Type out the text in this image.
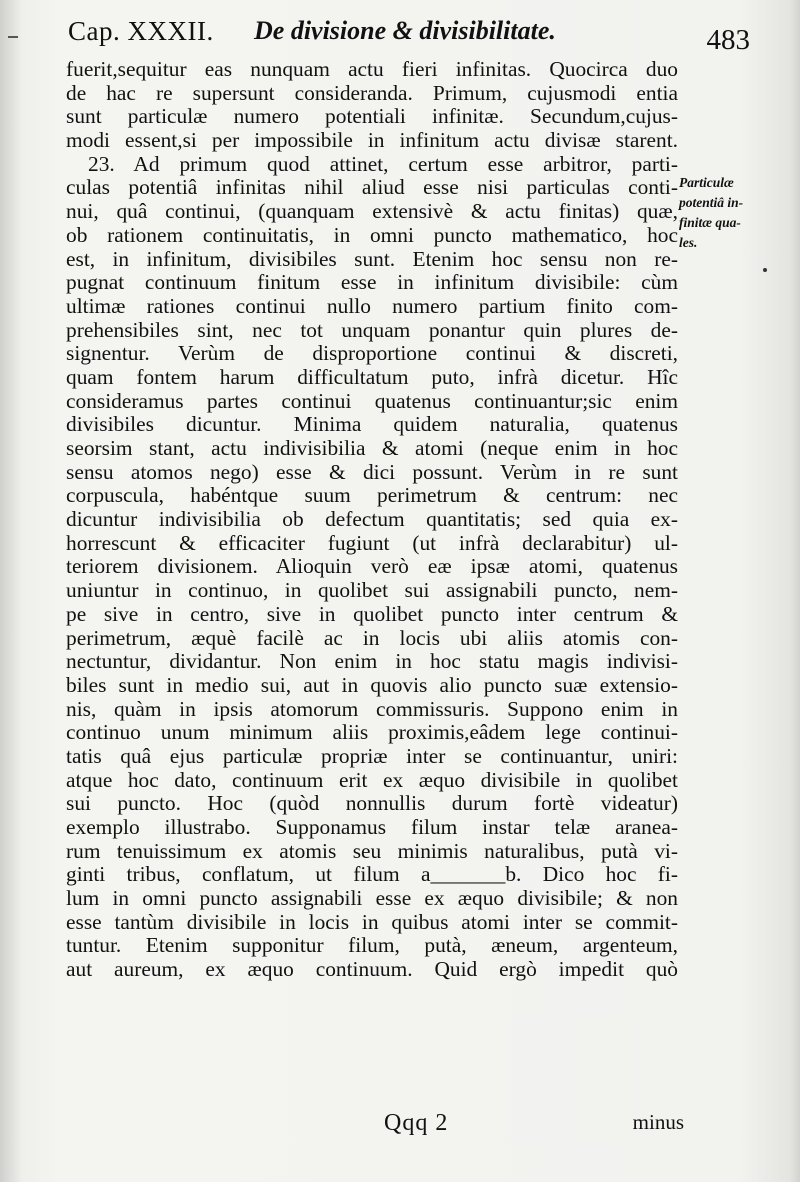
Cap. XXXII. De divisione & divisibilitate.	483
fuerit,sequitur eas nunquam actu fieri infinitas. Quocirca duo
de hac re supersunt consideranda. Primum, cujusmodi entia
sunt particulæ numero potentiali infinitæ. Secundum,cujus-
modi essent,si per impossibile in infinitum actu divisæ starent.
23. Ad primum quod attinet, certum esse arbitror, parti-
culas potentiâ infinitas nihil aliud esse nisi particulas conti-
nui, quâ continui, (quanquam extensivè & actu finitas) quæ,
ob rationem continuitatis, in omni puncto mathematico, hoc
est, in infinitum, divisibiles sunt. Etenim hoc sensu non re-
pugnat continuum finitum esse in infinitum divisibile: cùm
ultimæ rationes continui nullo numero partium finito com-
prehensibiles sint, nec tot unquam ponantur quin plures de-
signentur. Verùm de disproportione continui & discreti,
quam fontem harum difficultatum puto, infrà dicetur. Hîc
consideramus partes continui quatenus continuantur;sic enim
divisibiles dicuntur. Minima quidem naturalia, quatenus
seorsim stant, actu indivisibilia & atomi (neque enim in hoc
sensu atomos nego) esse & dici possunt. Verùm in re sunt
corpuscula, habéntque suum perimetrum & centrum: nec
dicuntur indivisibilia ob defectum quantitatis; sed quia ex-
horrescunt & efficaciter fugiunt (ut infrà declarabitur) ul-
teriorem divisionem. Alioquin verò eæ ipsæ atomi, quatenus
uniuntur in continuo, in quolibet sui assignabili puncto, nem-
pe sive in centro, sive in quolibet puncto inter centrum &
perimetrum, æquè facilè ac in locis ubi aliis atomis con-
nectuntur, dividantur. Non enim in hoc statu magis indivisi-
biles sunt in medio sui, aut in quovis alio puncto suæ extensio-
nis, quàm in ipsis atomorum commissuris. Suppono enim in
continuo unum minimum aliis proximis,eâdem lege continui-
tatis quâ ejus particulæ propriæ inter se continuantur, uniri:
atque hoc dato, continuum erit ex æquo divisibile in quolibet
sui puncto. Hoc (quòd nonnullis durum fortè videatur)
exemplo illustrabo. Supponamus filum instar telæ aranea-
rum tenuissimum ex atomis seu minimis naturalibus, putà vi-
ginti tribus, conflatum, ut filum a_______b. Dico hoc fi-
lum in omni puncto assignabili esse ex æquo divisibile; & non
esse tantùm divisibile in locis in quibus atomi inter se commit-
tuntur. Etenim supponitur filum, putà, æneum, argenteum,
aut aureum, ex æquo continuum. Quid ergò impedit quò
Particulæ
potentiâ in-
finitæ qua-
les.
Qqq 2	minus
